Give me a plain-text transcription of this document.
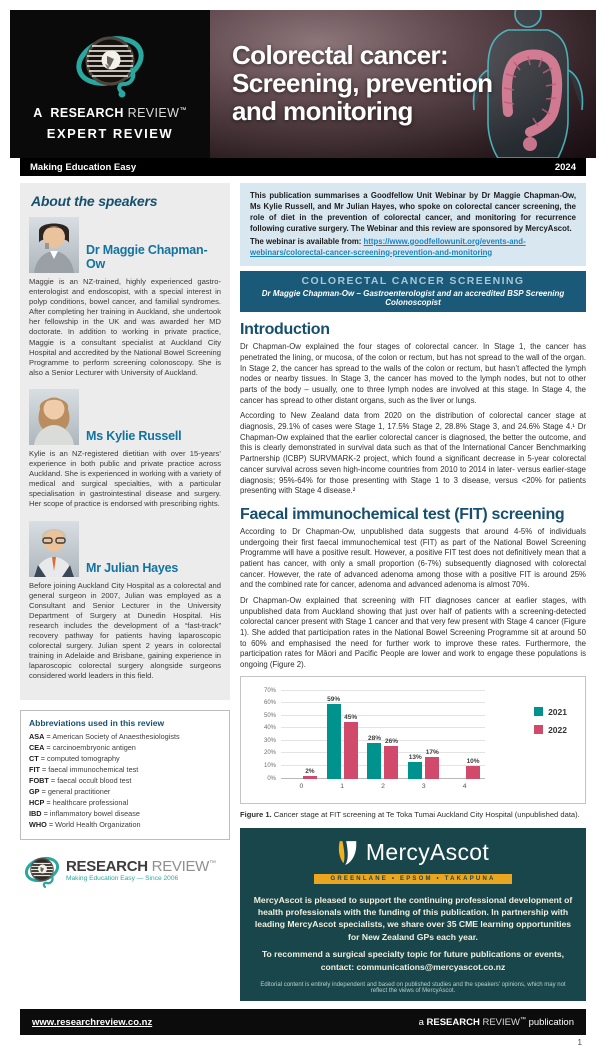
A RESEARCH REVIEW™
EXPERT REVIEW
Colorectal cancer:
Screening, prevention
and monitoring
Making Education Easy	2024
About the speakers
Dr Maggie Chapman-Ow

Maggie is an NZ-trained, highly experienced gastro-enterologist and endoscopist, with a special interest in polyp conditions, bowel cancer, and familial syndromes. After completing her training in Auckland, she undertook her fellowship in the UK and was awarded her MD doctorate. In addition to working in private practice, Maggie is a consultant specialist at Auckland City Hospital and accredited by the National Bowel Screening Programme to perform screening colonoscopy. She is also a Senior Lecturer with University of Auckland.

Ms Kylie Russell

Kylie is an NZ-registered dietitian with over 15-years’ experience in both public and private practice across Auckland. She is experienced in working with a variety of medical and surgical specialties, with a particular specialisation in gastrointestinal disease and surgery. Her scope of practice is endorsed with prescribing rights.

Mr Julian Hayes

Before joining Auckland City Hospital as a colorectal and general surgeon in 2007, Julian was employed as a Consultant and Senior Lecturer in the University Department of Surgery at Dunedin Hospital. His research includes the development of a “fast-track” recovery pathway for patients having laparoscopic colorectal surgery. Julian spent 2 years in colorectal training in Adelaide and Brisbane, gaining experience in laparoscopic colorectal surgery alongside surgeons considered world leaders in this field.

Abbreviations used in this review
ASA = American Society of Anaesthesiologists
CEA = carcinoembryonic antigen
CT = computed tomography
FIT = faecal immunochemical test
FOBT = faecal occult blood test
GP = general practitioner
HCP = healthcare professional
IBD = inflammatory bowel disease
WHO = World Health Organization
RESEARCH REVIEW™
Making Education Easy — Since 2006
This publication summarises a Goodfellow Unit Webinar by Dr Maggie Chapman-Ow, Ms Kylie Russell, and Mr Julian Hayes, who spoke on colorectal cancer screening, the role of diet in the prevention of colorectal cancer, and monitoring for recurrence following curative surgery. The Webinar and this review are sponsored by MercyAscot.
The webinar is available from: https://www.goodfellowunit.org/events-and-webinars/colorectal-cancer-screening-prevention-and-monitoring
COLORECTAL CANCER SCREENING
Dr Maggie Chapman-Ow – Gastroenterologist and an accredited BSP Screening Colonoscopist
Introduction

Dr Chapman-Ow explained the four stages of colorectal cancer. In Stage 1, the cancer has penetrated the lining, or mucosa, of the colon or rectum, but has not spread to the wall of the organ. In Stage 2, the cancer has spread to the walls of the colon or rectum, but hasn’t affected the lymph nodes or nearby tissues. In Stage 3, the cancer has moved to the lymph nodes, but not to other parts of the body – usually, one to three lymph nodes are involved at this stage. In Stage 4, the cancer has spread to other distant organs, such as the liver or lungs.

According to New Zealand data from 2020 on the distribution of colorectal cancer stage at diagnosis, 29.1% of cases were Stage 1, 17.5% Stage 2, 28.8% Stage 3, and 24.6% Stage 4.¹ Dr Chapman-Ow explained that the earlier colorectal cancer is diagnosed, the better the outcome, and this is clearly demonstrated in survival data such as that of the International Cancer Benchmarking Partnership (ICBP) SURVMARK-2 project, which found a significant decrease in 5-year colorectal cancer survival across seven high-income countries from 2010 to 2014 in later- versus earlier-stage diagnosis; 95%-64% for those presenting with Stage 1 to 3 disease, versus <20% for patients presenting with Stage 4 disease.²

Faecal immunochemical test (FIT) screening

According to Dr Chapman-Ow, unpublished data suggests that around 4-5% of individuals undergoing their first faecal immunochemical test (FIT) as part of the National Bowel Screening Programme will have a positive result. However, a positive FIT test does not definitively mean that a patient has cancer, with only a small proportion (6-7%) subsequently diagnosed with colorectal cancer. However, the rate of advanced adenoma among those with a positive FIT is around 25% and the combined rate for cancer, adenoma and advanced adenoma is almost 70%.

Dr Chapman-Ow explained that screening with FIT diagnoses cancer at earlier stages, with unpublished data from Auckland showing that just over half of patients with a screening-detected colorectal cancer present with Stage 1 cancer and that very few present with Stage 4 cancer (Figure 1). She added that participation rates in the National Bowel Screening Programme sit at around 50 to 60% and emphasised the need for further work to improve these rates. Furthermore, the participation rates for Māori and Pacific People are lower and work to engage these populations is ongoing (Figure 2).

0%
10%
20%
30%
40%
50%
60%
70%
2%
0
59%
45%
1
28% 26%
2
13%
17%
3
10%
4
2021
2022

Figure 1. Cancer stage at FIT screening at Te Toka Tumai Auckland City Hospital (unpublished data).

MercyAscot
GREENLANE • EPSOM • TAKAPUNA
MercyAscot is pleased to support the continuing professional development of health professionals with the funding of this publication. In partnership with leading MercyAscot specialists, we share over 35 CME learning opportunities for New Zealand GPs each year.
To recommend a surgical specialty topic for future publications or events,
contact: communications@mercyascot.co.nz
Editorial content is entirely independent and based on published studies and the speakers’ opinions, which may not reflect the views of MercyAscot.
www.researchreview.co.nz	a RESEARCH REVIEW™ publication
1
